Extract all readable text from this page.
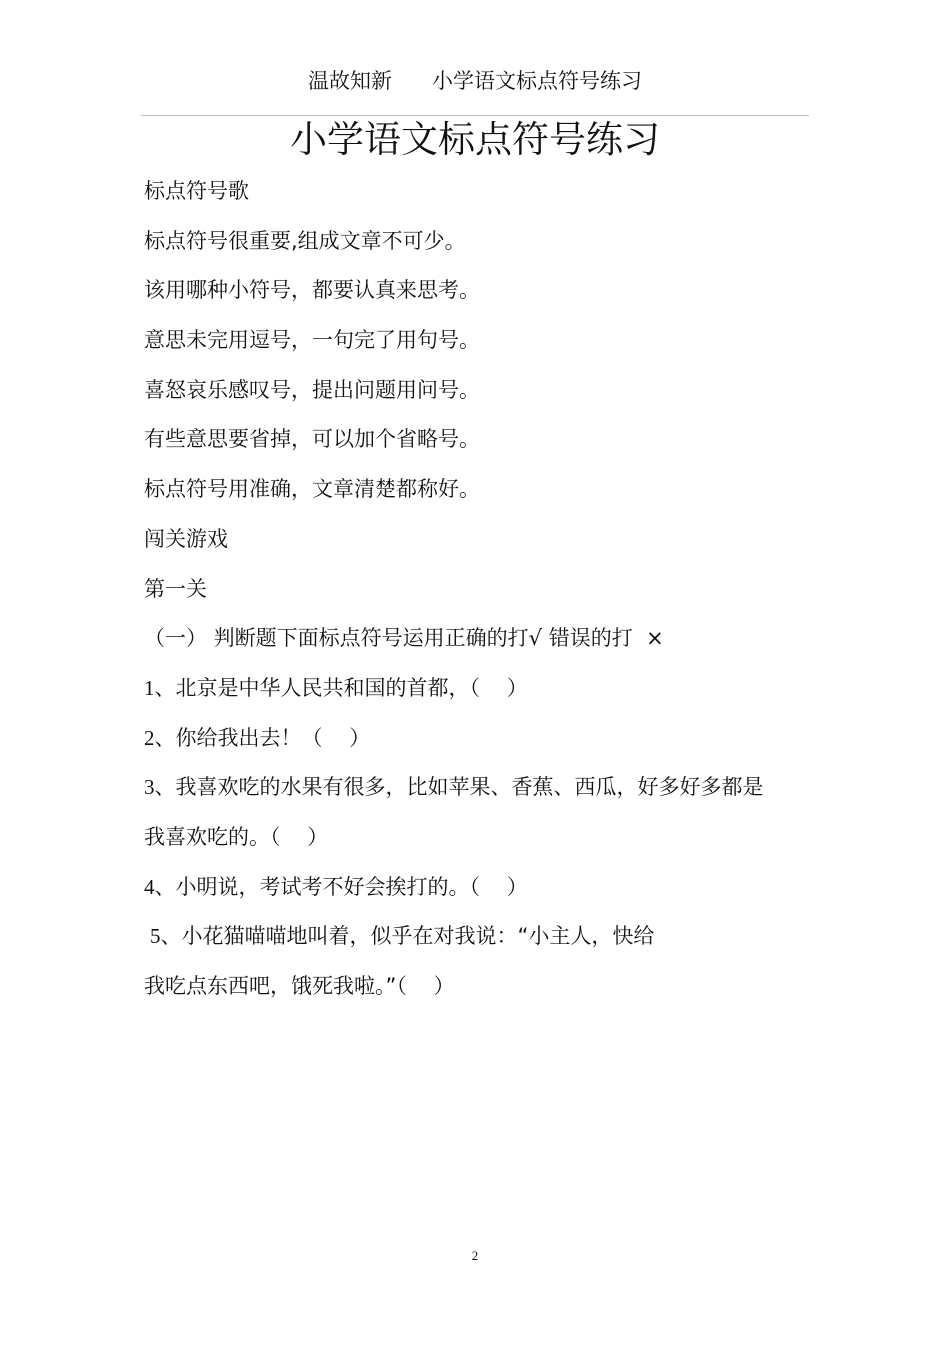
温故知新      小学语文标点符号练习
小学语文标点符号练习
标点符号歌
标点符号很重要,组成文章不可少。
该用哪种小符号，都要认真来思考。
意思未完用逗号，一句完了用句号。
喜怒哀乐感叹号，提出问题用问号。
有些意思要省掉，可以加个省略号。
标点符号用准确，文章清楚都称好。
闯关游戏
第一关
（一） 判断题下面标点符号运用正确的打√ 错误的打  ×
1、北京是中华人民共和国的首都，（    ）
2、你给我出去！（    ）
3、我喜欢吃的水果有很多，比如苹果、香蕉、西瓜，好多好多都是
我喜欢吃的。（    ）
4、小明说，考试考不好会挨打的。（    ）
5、小花猫喵喵地叫着，似乎在对我说：“小主人，快给
我吃点东西吧，饿死我啦。”（    ）
2
